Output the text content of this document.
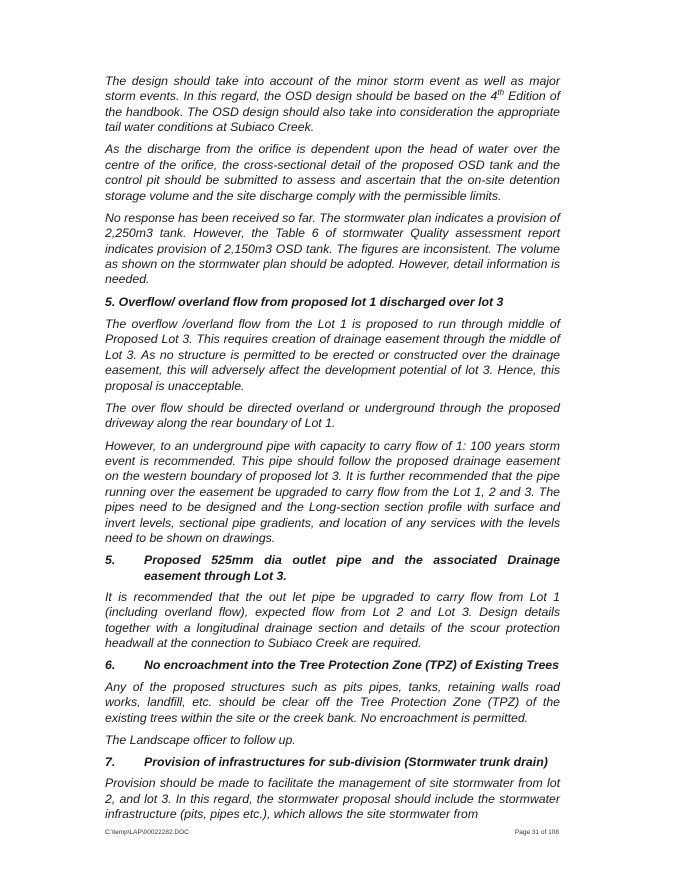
The design should take into account of the minor storm event as well as major storm events. In this regard, the OSD design should be based on the 4th Edition of the handbook. The OSD design should also take into consideration the appropriate tail water conditions at Subiaco Creek.

As the discharge from the orifice is dependent upon the head of water over the centre of the orifice, the cross-sectional detail of the proposed OSD tank and the control pit should be submitted to assess and ascertain that the on-site detention storage volume and the site discharge comply with the permissible limits.

No response has been received so far. The stormwater plan indicates a provision of 2,250m3 tank. However, the Table 6 of stormwater Quality assessment report indicates provision of 2,150m3 OSD tank. The figures are inconsistent. The volume as shown on the stormwater plan should be adopted. However, detail information is needed.

5. Overflow/ overland flow from proposed lot 1 discharged over lot 3

The overflow /overland flow from the Lot 1 is proposed to run through middle of Proposed Lot 3. This requires creation of drainage easement through the middle of Lot 3. As no structure is permitted to be erected or constructed over the drainage easement, this will adversely affect the development potential of lot 3. Hence, this proposal is unacceptable.

The over flow should be directed overland or underground through the proposed driveway along the rear boundary of Lot 1.

However, to an underground pipe with capacity to carry flow of 1: 100 years storm event is recommended. This pipe should follow the proposed drainage easement on the western boundary of proposed lot 3. It is further recommended that the pipe running over the easement be upgraded to carry flow from the Lot 1, 2 and 3. The pipes need to be designed and the Long-section section profile with surface and invert levels, sectional pipe gradients, and location of any services with the levels need to be shown on drawings.

5.	Proposed 525mm dia outlet pipe and the associated Drainage easement through Lot 3.

It is recommended that the out let pipe be upgraded to carry flow from Lot 1 (including overland flow), expected flow from Lot 2 and Lot 3. Design details together with a longitudinal drainage section and details of the scour protection headwall at the connection to Subiaco Creek are required.

6.	No encroachment into the Tree Protection Zone (TPZ) of Existing Trees

Any of the proposed structures such as pits pipes, tanks, retaining walls road works, landfill, etc. should be clear off the Tree Protection Zone (TPZ) of the existing trees within the site or the creek bank. No encroachment is permitted.

The Landscape officer to follow up.

7.	Provision of infrastructures for sub-division (Stormwater trunk drain)

Provision should be made to facilitate the management of site stormwater from lot 2, and lot 3. In this regard, the stormwater proposal should include the stormwater infrastructure (pits, pipes etc.), which allows the site stormwater from

C:\temp\LAP\00022282.DOC	Page 31 of 108
